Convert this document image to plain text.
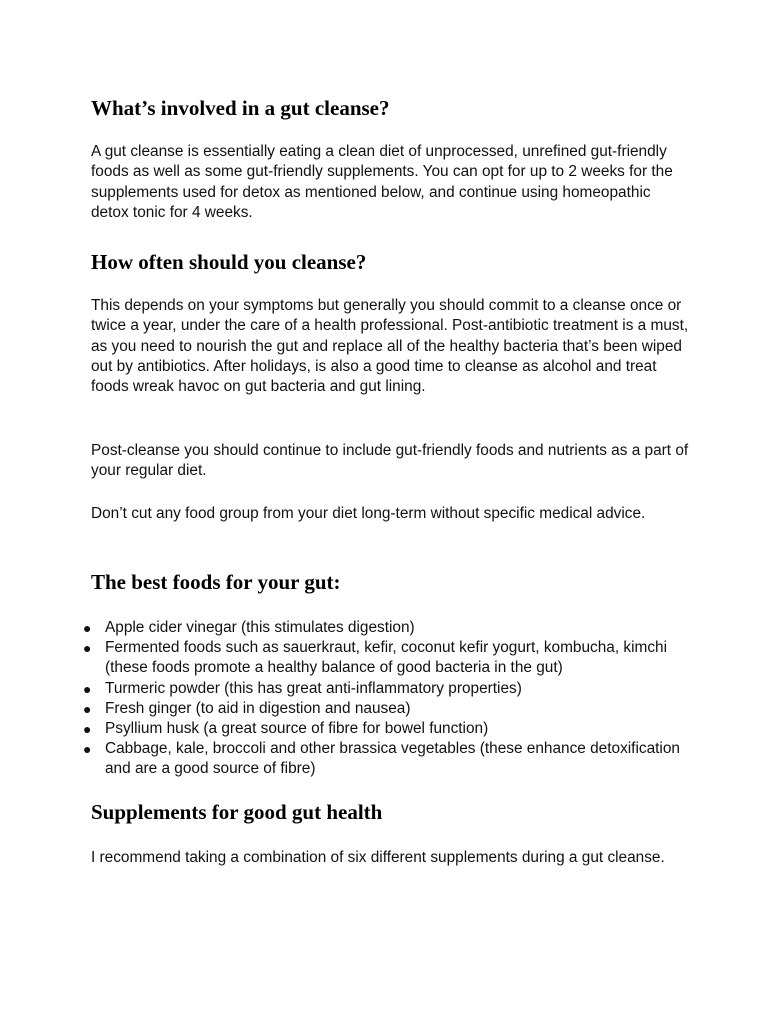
What’s involved in a gut cleanse?

A gut cleanse is essentially eating a clean diet of unprocessed, unrefined gut-friendly foods as well as some gut-friendly supplements. You can opt for up to 2 weeks for the supplements used for detox as mentioned below, and continue using homeopathic detox tonic for 4 weeks.

How often should you cleanse?

This depends on your symptoms but generally you should commit to a cleanse once or twice a year, under the care of a health professional. Post-antibiotic treatment is a must, as you need to nourish the gut and replace all of the healthy bacteria that’s been wiped out by antibiotics. After holidays, is also a good time to cleanse as alcohol and treat foods wreak havoc on gut bacteria and gut lining.

Post-cleanse you should continue to include gut-friendly foods and nutrients as a part of your regular diet.

Don’t cut any food group from your diet long-term without specific medical advice.

The best foods for your gut:
● Apple cider vinegar (this stimulates digestion)
● Fermented foods such as sauerkraut, kefir, coconut kefir yogurt, kombucha, kimchi (these foods promote a healthy balance of good bacteria in the gut)
● Turmeric powder (this has great anti-inflammatory properties)
● Fresh ginger (to aid in digestion and nausea)
● Psyllium husk (a great source of fibre for bowel function)
● Cabbage, kale, broccoli and other brassica vegetables (these enhance detoxification and are a good source of fibre)
Supplements for good gut health

I recommend taking a combination of six different supplements during a gut cleanse.
